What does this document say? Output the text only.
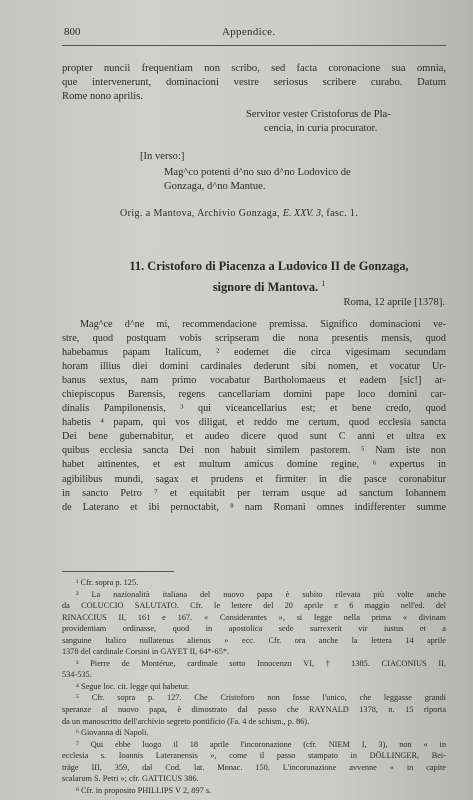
800	Appendice.
propter nuncii frequentiam non scribo, sed facta coronacione sua omnia,
que intervenerunt, dominacioni vestre seriosus scribere curabo. Datum
Rome nono aprilis.
Servitor vester Cristoforus de Pla-
cencia, in curia procurator.
[In verso:]
Mag^co potenti d^no suo d^no Lodovico de
Gonzaga, d^no Mantue.
Orig. a Mantova, Archivio Gonzaga, E. XXV. 3, fasc. 1.
11. Cristoforo di Piacenza a Ludovico II de Gonzaga,
signore di Mantova. $^1$
Roma, 12 aprile [1378].
Mag^ce d^ne mi, recommendacione premissa. Significo dominacioni ve-
stre, quod postquam vobis scripseram die nona presentis mensis, quod
habebamus papam Italicum, ² eodemet die circa vigesimam secundam
horam illius diei domini cardinales dederunt sibi nomen, et vocatur Ur-
banus sextus, nam primo vocabatur Bartholomaeus et eadem [sic!] ar-
chiepiscopus Barensis, regens cancellariam domini pape loco domini car-
dinalis Pampilonensis, ³ qui viceancellarius est; et bene credo, quod
habetis ⁴ papam, qui vos diligat, et reddo me certum, quod ecclesia sancta
Dei bene gubernabitur, et audeo dicere quod sunt C anni et ultra ex
quibus ecclesia sancta Dei non habuit similem pastorem. ⁵ Nam iste non
habet attinentes, et est multum amicus domine regine, ⁶ expertus in
agibilibus mundi, sagax et prudens et firmiter in die pasce coronabitur
in sancto Petro ⁷ et equitabit per terram usque ad sanctum Iohannem
de Laterano et ibi pernoctabit, ⁸ nam Romani omnes indifferenter summe
¹ Cfr. sopra p. 125.
² La nazionalità italiana del nuovo papa è subito rilevata più volte anche
da COLUCCIO SALUTATO. Cfr. le lettere del 20 aprile e 6 maggio nell'ed. del
RINACCIUS II, 161 e 167. « Considerantes », si legge nella prima « divinam
providentiam ordinasse, quod in apostolica sede surrexerit vir iustus et a
sanguine Italico nullatenus alienus » ecc. Cfr. ora anche la lettera 14 aprile
1378 del cardinale Corsini in GAYET II, 64*-65*.
³ Pierre de Montérue, cardinale sotto Innocenzo VI, † 1385. CIACONIUS II,
534-535.
⁴ Segue loc. cit. legge qui habetur.
⁵ Cfr. sopra p. 127. Che Cristoforo non fosse l'unico, che leggasse grandi
speranze al nuovo papa, è dimostrato dal passo che RAYNALD 1378, n. 15 riporta
da un manoscritto dell'archivio segreto pontificio (Fa. 4 de schism., p. 86).
⁶ Giovanna di Napoli.
⁷ Qui ebbe luogo il 18 aprile l'incoronazione (cfr. NIEM I, 3), non « in
ecclesia s. Ioannis Lateranensis », come il passo stampato in DÖLLINGER, Bei-
träge III, 359, dal Cod. lat. Monac. 150. L'incoronazione avvenne « in capite
scalarum S. Petri »; cfr. GATTICUS 386.
⁸ Cfr. in proposito PHILLIPS V 2, 897 s.
